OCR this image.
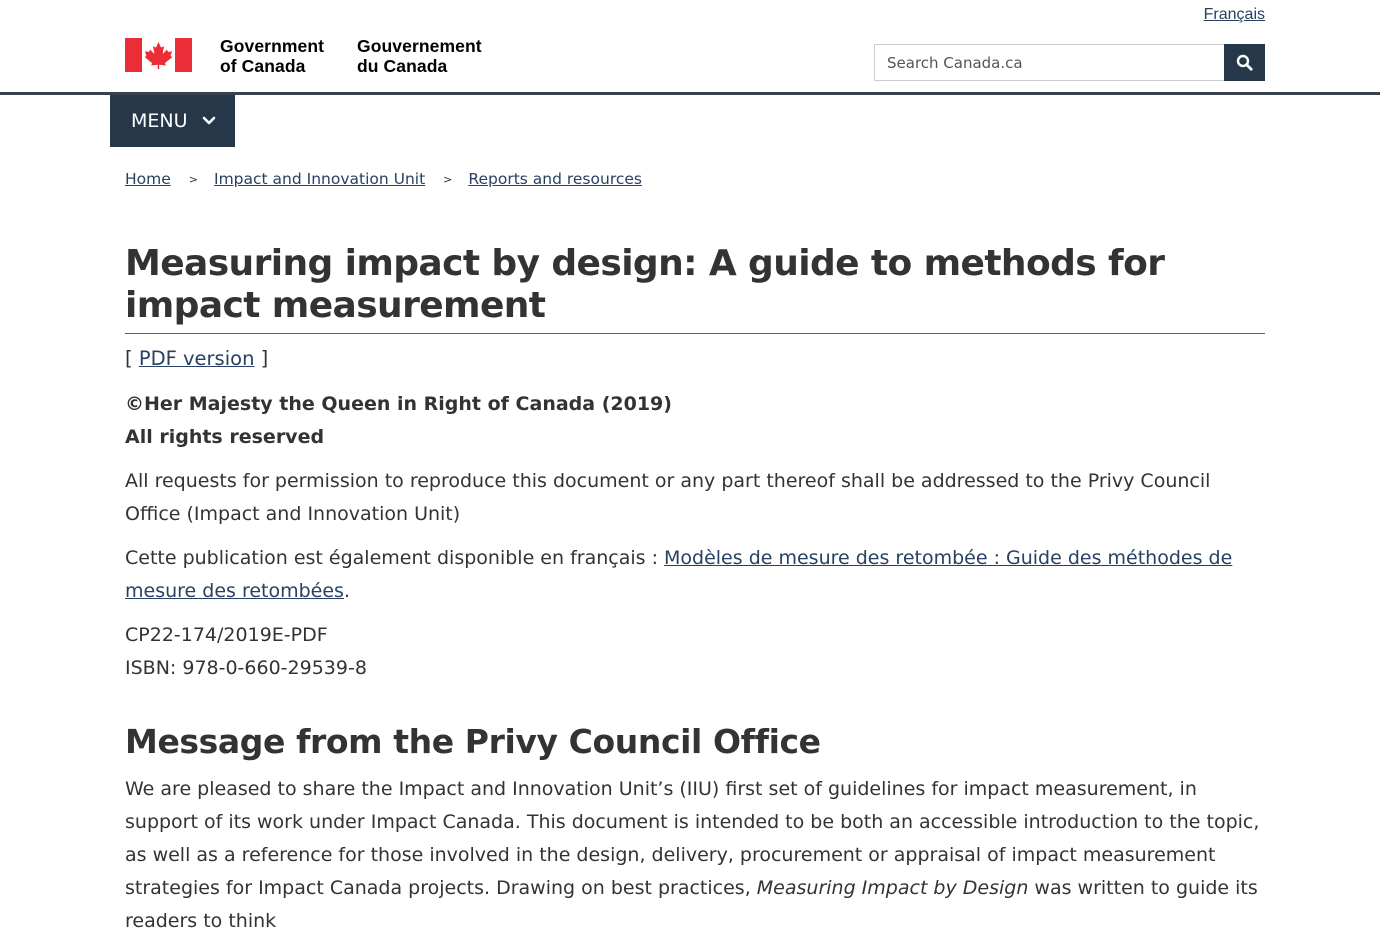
Français
Government
of Canada
Gouvernement
du Canada
Search Canada.ca
MENU
Home > Impact and Innovation Unit > Reports and resources
Measuring impact by design: A guide to methods for impact measurement
[ PDF version ]
©Her Majesty the Queen in Right of Canada (2019)
All rights reserved

All requests for permission to reproduce this document or any part thereof shall be addressed to the Privy Council Office (Impact and Innovation Unit)

Cette publication est également disponible en français : Modèles de mesure des retombée : Guide des méthodes de mesure des retombées.

CP22-174/2019E-PDF
ISBN: 978-0-660-29539-8

Message from the Privy Council Office

We are pleased to share the Impact and Innovation Unit’s (IIU) first set of guidelines for impact measurement, in support of its work under Impact Canada. This document is intended to be both an accessible introduction to the topic, as well as a reference for those involved in the design, delivery, procurement or appraisal of impact measurement strategies for Impact Canada projects. Drawing on best practices, Measuring Impact by Design was written to guide its readers to think
